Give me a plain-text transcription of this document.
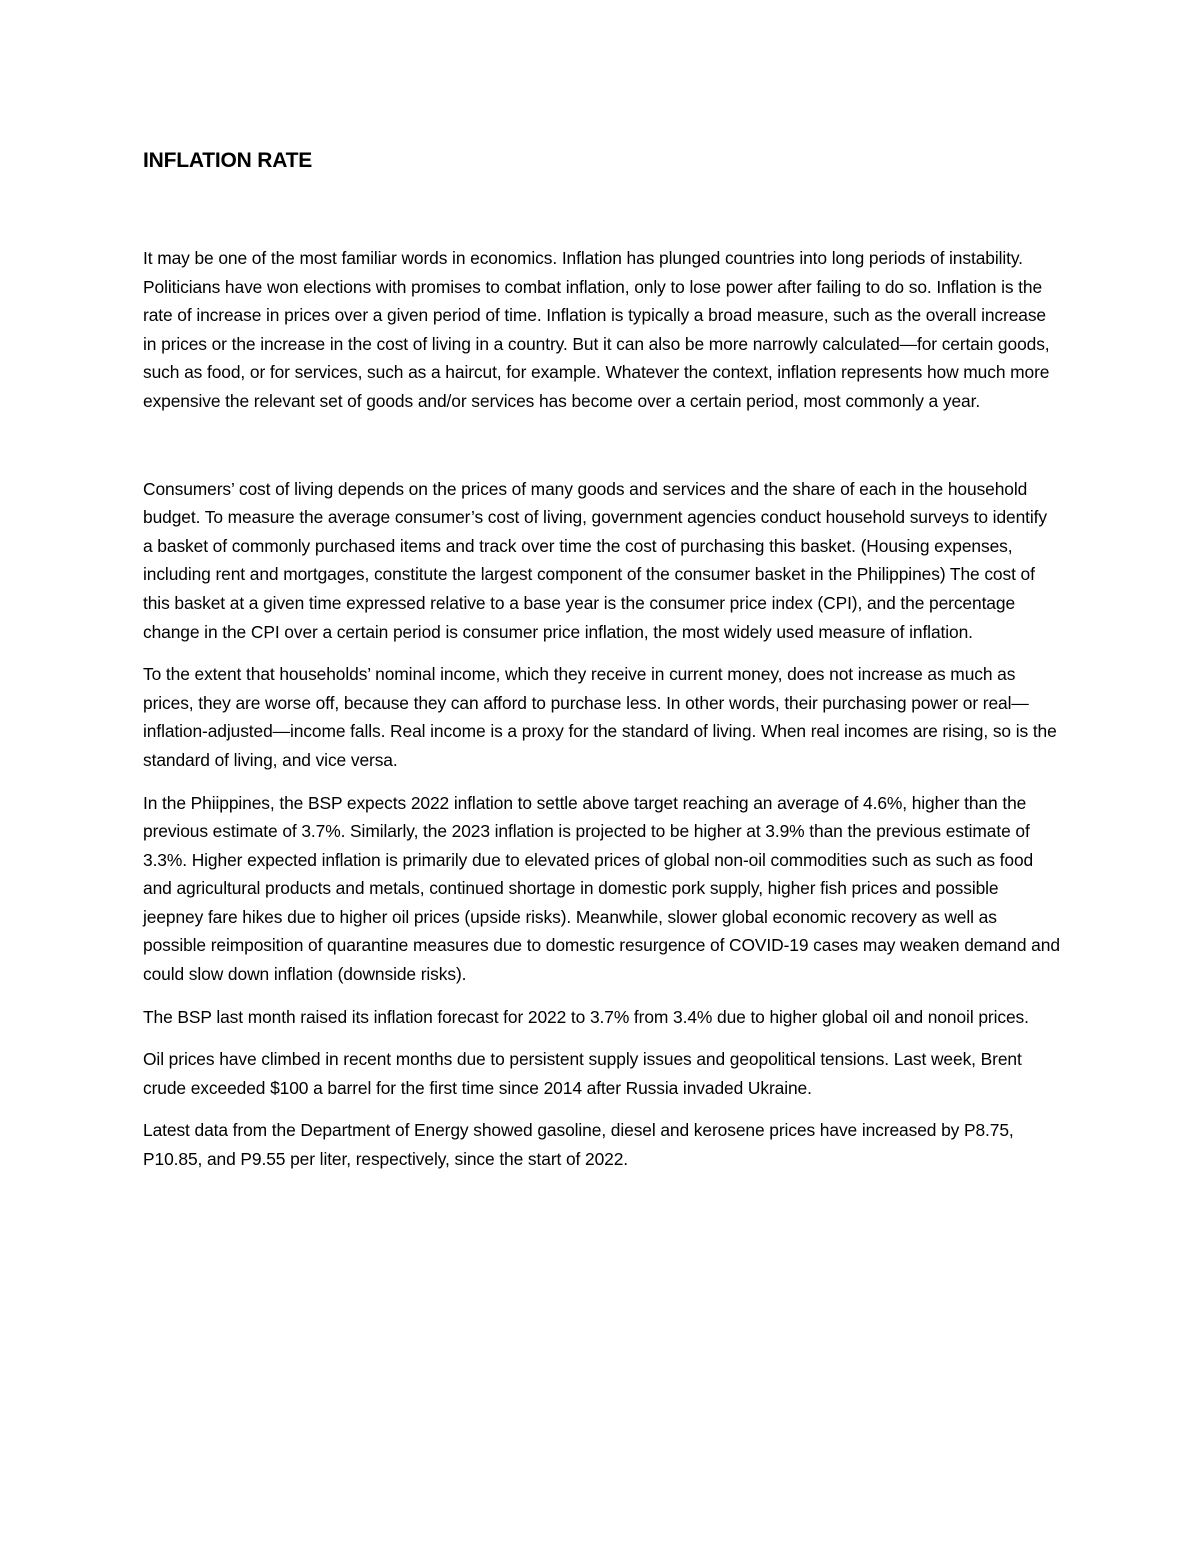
INFLATION RATE

It may be one of the most familiar words in economics. Inflation has plunged countries into long periods of instability. Politicians have won elections with promises to combat inflation, only to lose power after failing to do so. Inflation is the rate of increase in prices over a given period of time. Inflation is typically a broad measure, such as the overall increase in prices or the increase in the cost of living in a country. But it can also be more narrowly calculated—for certain goods, such as food, or for services, such as a haircut, for example. Whatever the context, inflation represents how much more expensive the relevant set of goods and/or services has become over a certain period, most commonly a year.

Consumers’ cost of living depends on the prices of many goods and services and the share of each in the household budget. To measure the average consumer’s cost of living, government agencies conduct household surveys to identify a basket of commonly purchased items and track over time the cost of purchasing this basket. (Housing expenses, including rent and mortgages, constitute the largest component of the consumer basket in the Philippines) The cost of this basket at a given time expressed relative to a base year is the consumer price index (CPI), and the percentage change in the CPI over a certain period is consumer price inflation, the most widely used measure of inflation.

To the extent that households’ nominal income, which they receive in current money, does not increase as much as prices, they are worse off, because they can afford to purchase less. In other words, their purchasing power or real—inflation-adjusted—income falls. Real income is a proxy for the standard of living. When real incomes are rising, so is the standard of living, and vice versa.

In the Phiippines, the BSP expects 2022 inflation to settle above target reaching an average of 4.6%, higher than the previous estimate of 3.7%. Similarly, the 2023 inflation is projected to be higher at 3.9% than the previous estimate of 3.3%. Higher expected inflation is primarily due to elevated prices of global non-oil commodities such as such as food and agricultural products and metals, continued shortage in domestic pork supply, higher fish prices and possible jeepney fare hikes due to higher oil prices (upside risks). Meanwhile, slower global economic recovery as well as possible reimposition of quarantine measures due to domestic resurgence of COVID-19 cases may weaken demand and could slow down inflation (downside risks).

The BSP last month raised its inflation forecast for 2022 to 3.7% from 3.4% due to higher global oil and nonoil prices.

Oil prices have climbed in recent months due to persistent supply issues and geopolitical tensions. Last week, Brent crude exceeded $100 a barrel for the first time since 2014 after Russia invaded Ukraine.

Latest data from the Department of Energy showed gasoline, diesel and kerosene prices have increased by P8.75, P10.85, and P9.55 per liter, respectively, since the start of 2022.
